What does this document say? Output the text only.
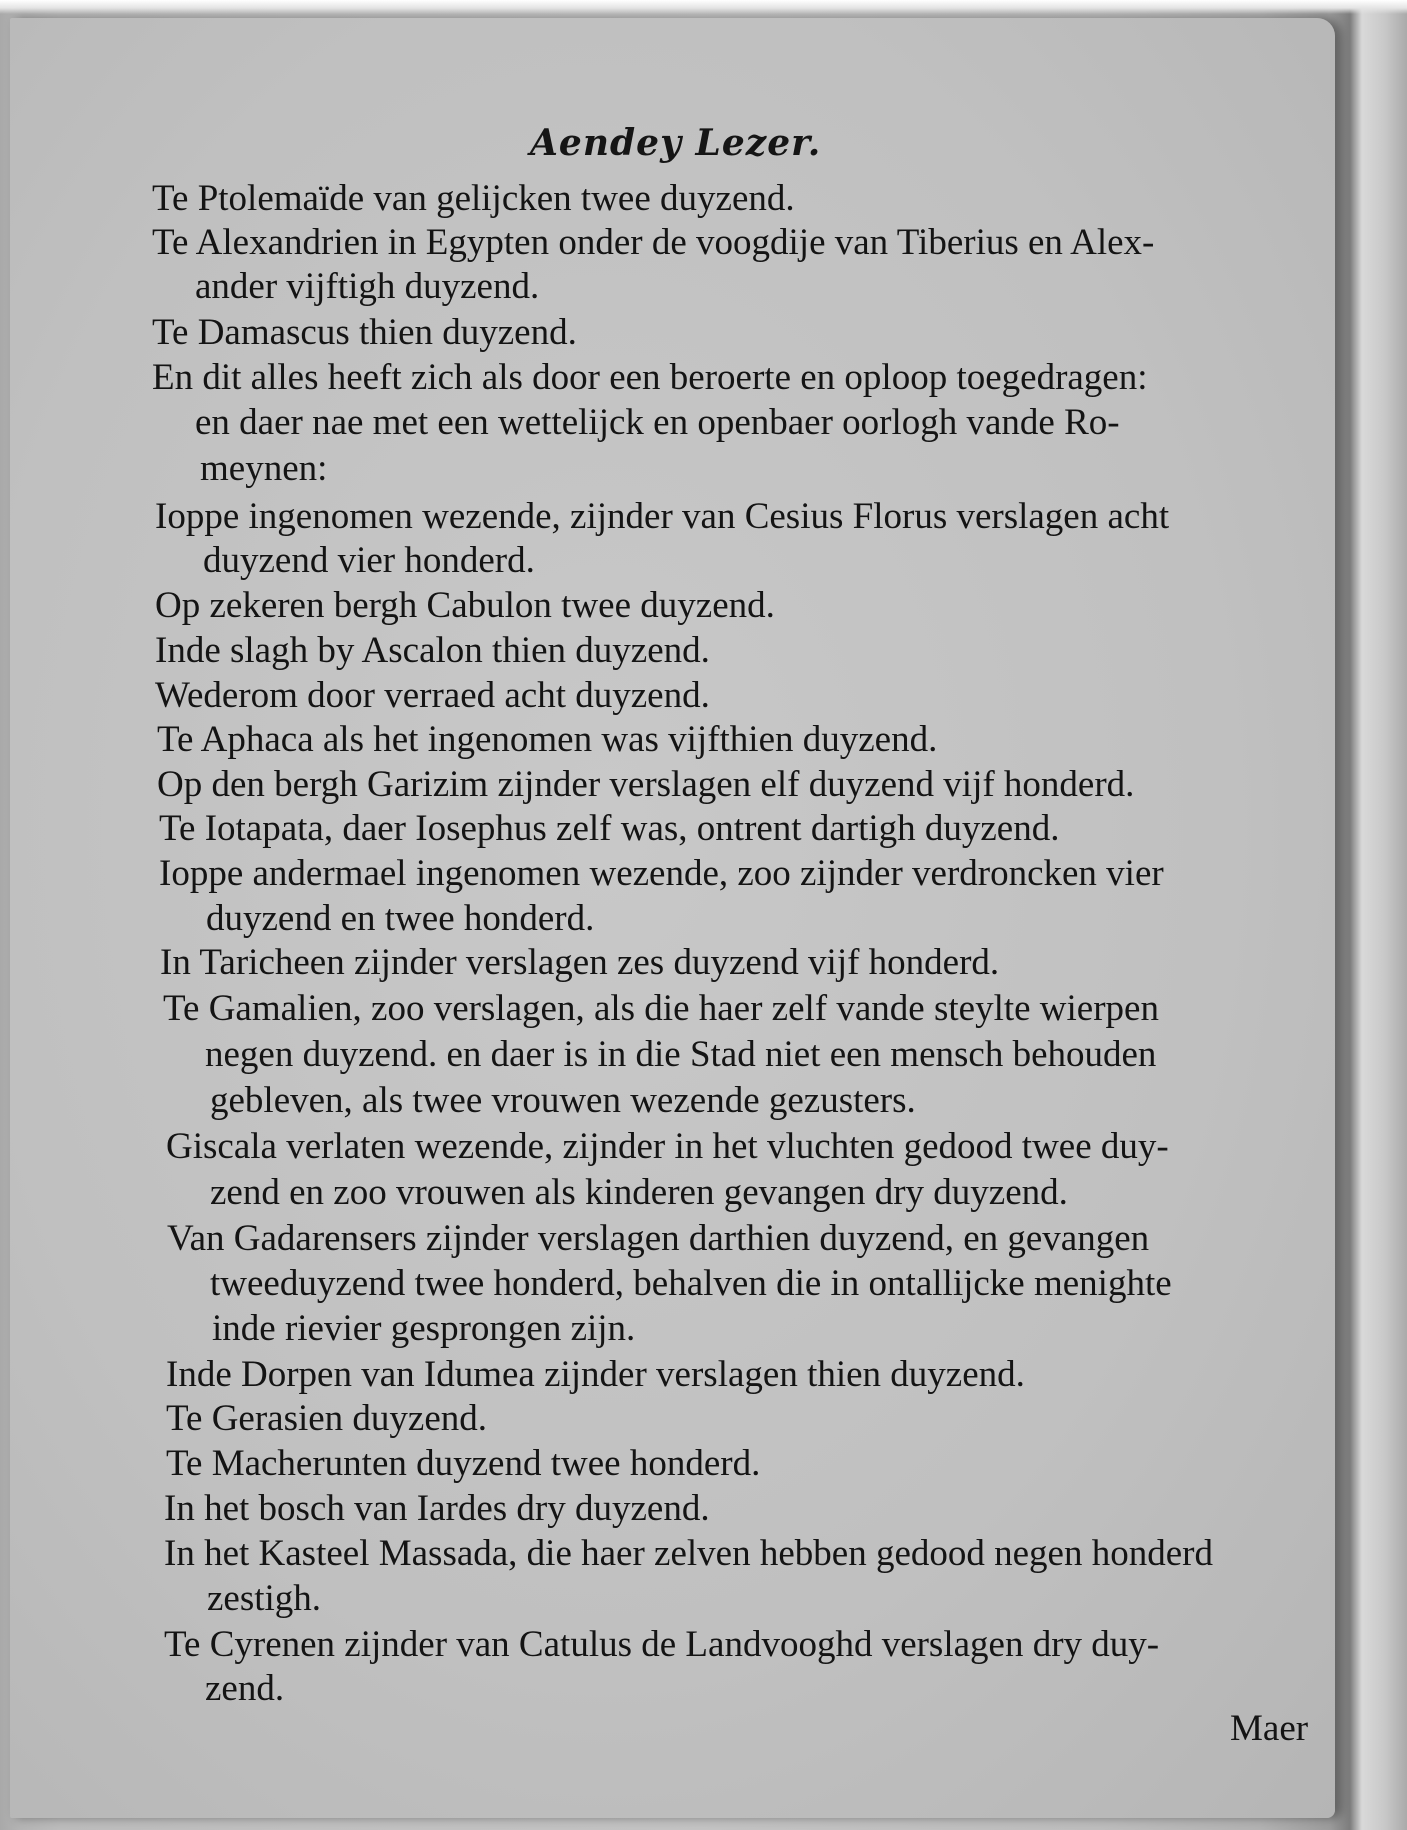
Aendey Lezer.
Te Ptolemaïde van gelijcken twee duyzend.
Te Alexandrien in Egypten onder de voogdije van Tiberius en Alex-
ander vijftigh duyzend.
Te Damascus thien duyzend.
En dit alles heeft zich als door een beroerte en oploop toegedragen:
en daer nae met een wettelijck en openbaer oorlogh vande Ro-
meynen:
Ioppe ingenomen wezende, zijnder van Cesius Florus verslagen acht
duyzend vier honderd.
Op zekeren bergh Cabulon twee duyzend.
Inde slagh by Ascalon thien duyzend.
Wederom door verraed acht duyzend.
Te Aphaca als het ingenomen was vijfthien duyzend.
Op den bergh Garizim zijnder verslagen elf duyzend vijf honderd.
Te Iotapata, daer Iosephus zelf was, ontrent dartigh duyzend.
Ioppe andermael ingenomen wezende, zoo zijnder verdroncken vier
duyzend en twee honderd.
In Taricheen zijnder verslagen zes duyzend vijf honderd.
Te Gamalien, zoo verslagen, als die haer zelf vande steylte wierpen
negen duyzend. en daer is in die Stad niet een mensch behouden
gebleven, als twee vrouwen wezende gezusters.
Giscala verlaten wezende, zijnder in het vluchten gedood twee duy-
zend en zoo vrouwen als kinderen gevangen dry duyzend.
Van Gadarensers zijnder verslagen darthien duyzend, en gevangen
tweeduyzend twee honderd, behalven die in ontallijcke menighte
inde rievier gesprongen zijn.
Inde Dorpen van Idumea zijnder verslagen thien duyzend.
Te Gerasien duyzend.
Te Macherunten duyzend twee honderd.
In het bosch van Iardes dry duyzend.
In het Kasteel Massada, die haer zelven hebben gedood negen honderd
zestigh.
Te Cyrenen zijnder van Catulus de Landvooghd verslagen dry duy-
zend.
Maer
